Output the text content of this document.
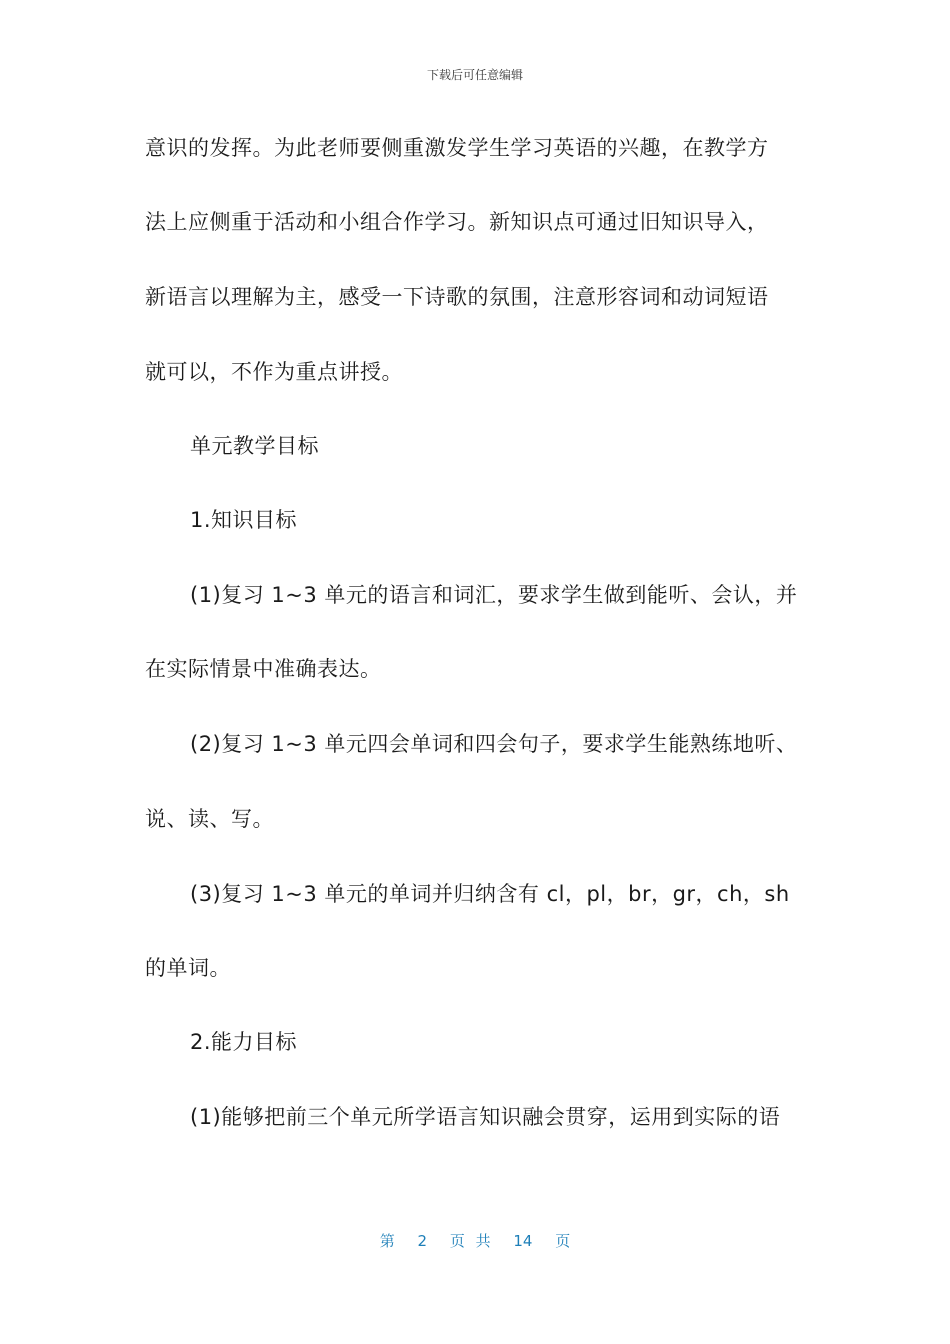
下载后可任意编辑
意识的发挥。为此老师要侧重激发学生学习英语的兴趣，在教学方
法上应侧重于活动和小组合作学习。新知识点可通过旧知识导入，
新语言以理解为主，感受一下诗歌的氛围，注意形容词和动词短语
就可以，不作为重点讲授。
单元教学目标
1.知识目标
(1)复习 1~3 单元的语言和词汇，要求学生做到能听、会认，并
在实际情景中准确表达。
(2)复习 1~3 单元四会单词和四会句子，要求学生能熟练地听、
说、读、写。
(3)复习 1~3 单元的单词并归纳含有 cl，pl，br，gr，ch，sh
的单词。
2.能力目标
(1)能够把前三个单元所学语言知识融会贯穿，运用到实际的语
第 2 页 共 14 页
